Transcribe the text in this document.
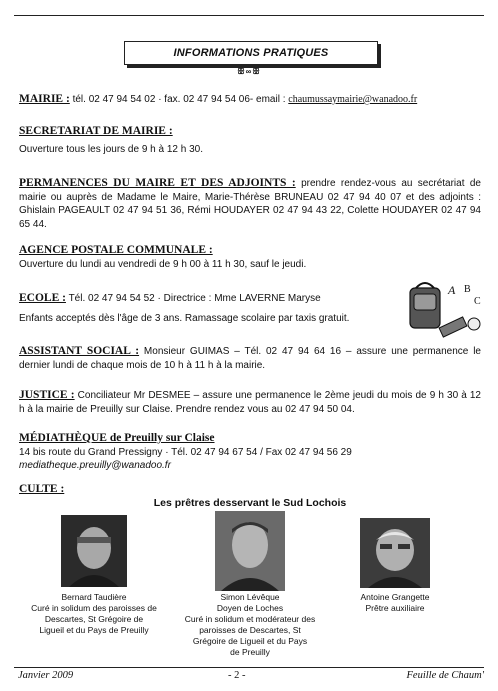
INFORMATIONS PRATIQUES
ꕥ∞ꕥ
MAIRIE : tél. 02 47 94 54 02 · fax. 02 47 94 54 06- email : chaumussaymairie@wanadoo.fr
SECRETARIAT DE MAIRIE :
Ouverture tous les jours de 9 h à 12 h 30.
PERMANENCES DU MAIRE ET DES ADJOINTS : prendre rendez-vous au secrétariat de mairie ou auprès de Madame le Maire, Marie-Thérèse BRUNEAU 02 47 94 40 07 et des adjoints : Ghislain PAGEAULT 02 47 94 51 36, Rémi HOUDAYER 02 47 94 43 22, Colette HOUDAYER 02 47 94 65 44.
AGENCE POSTALE COMMUNALE :
Ouverture du lundi au vendredi de 9 h 00 à 11 h 30, sauf le jeudi.
ECOLE : Tél. 02 47 94 54 52 · Directrice : Mme LAVERNE Maryse
Enfants acceptés dès l'âge de 3 ans. Ramassage scolaire par taxis gratuit.
A B
C
ASSISTANT SOCIAL : Monsieur GUIMAS – Tél. 02 47 94 64 16 – assure une permanence le dernier lundi de chaque mois de 10 h à 11 h à la mairie.
JUSTICE : Conciliateur Mr DESMEE – assure une permanence le 2ème jeudi du mois de 9 h 30 à 12 h à la mairie de Preuilly sur Claise. Prendre rendez vous au 02 47 94 50 04.
MÉDIATHÈQUE de Preuilly sur Claise
14 bis route du Grand Pressigny · Tél. 02 47 94 67 54 / Fax 02 47 94 56 29
mediatheque.preuilly@wanadoo.fr
CULTE :
Les prêtres desservant le Sud Lochois
Bernard Taudière
Curé in solidum des paroisses de
Descartes, St Grégoire de
Ligueil et du Pays de Preuilly
Simon Lévêque
Doyen de Loches
Curé in solidum et modérateur des
paroisses de Descartes, St
Grégoire de Ligueil et du Pays de Preuilly
Antoine Grangette
Prêtre auxiliaire
Janvier 2009	- 2 -	Feuille de Chaum'
